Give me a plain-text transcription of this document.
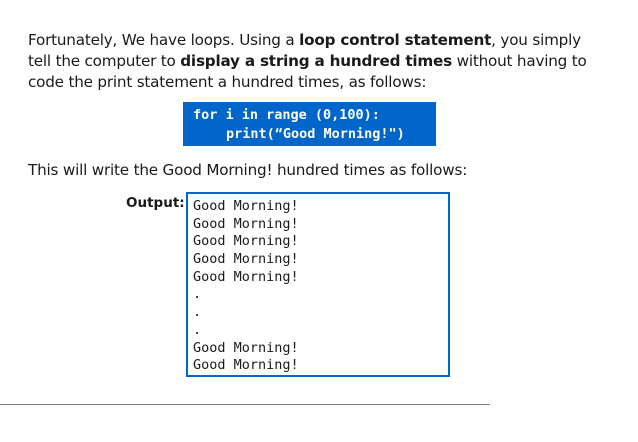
Fortunately, We have loops. Using a loop control statement, you simply tell the computer to display a string a hundred times without having to code the print statement a hundred times, as follows:

for i in range (0,100):
print(“Good Morning!")

This will write the Good Morning! hundred times as follows:

Output: Good Morning!
Good Morning!
Good Morning!
Good Morning!
Good Morning!
.
.
.
Good Morning!
Good Morning!
